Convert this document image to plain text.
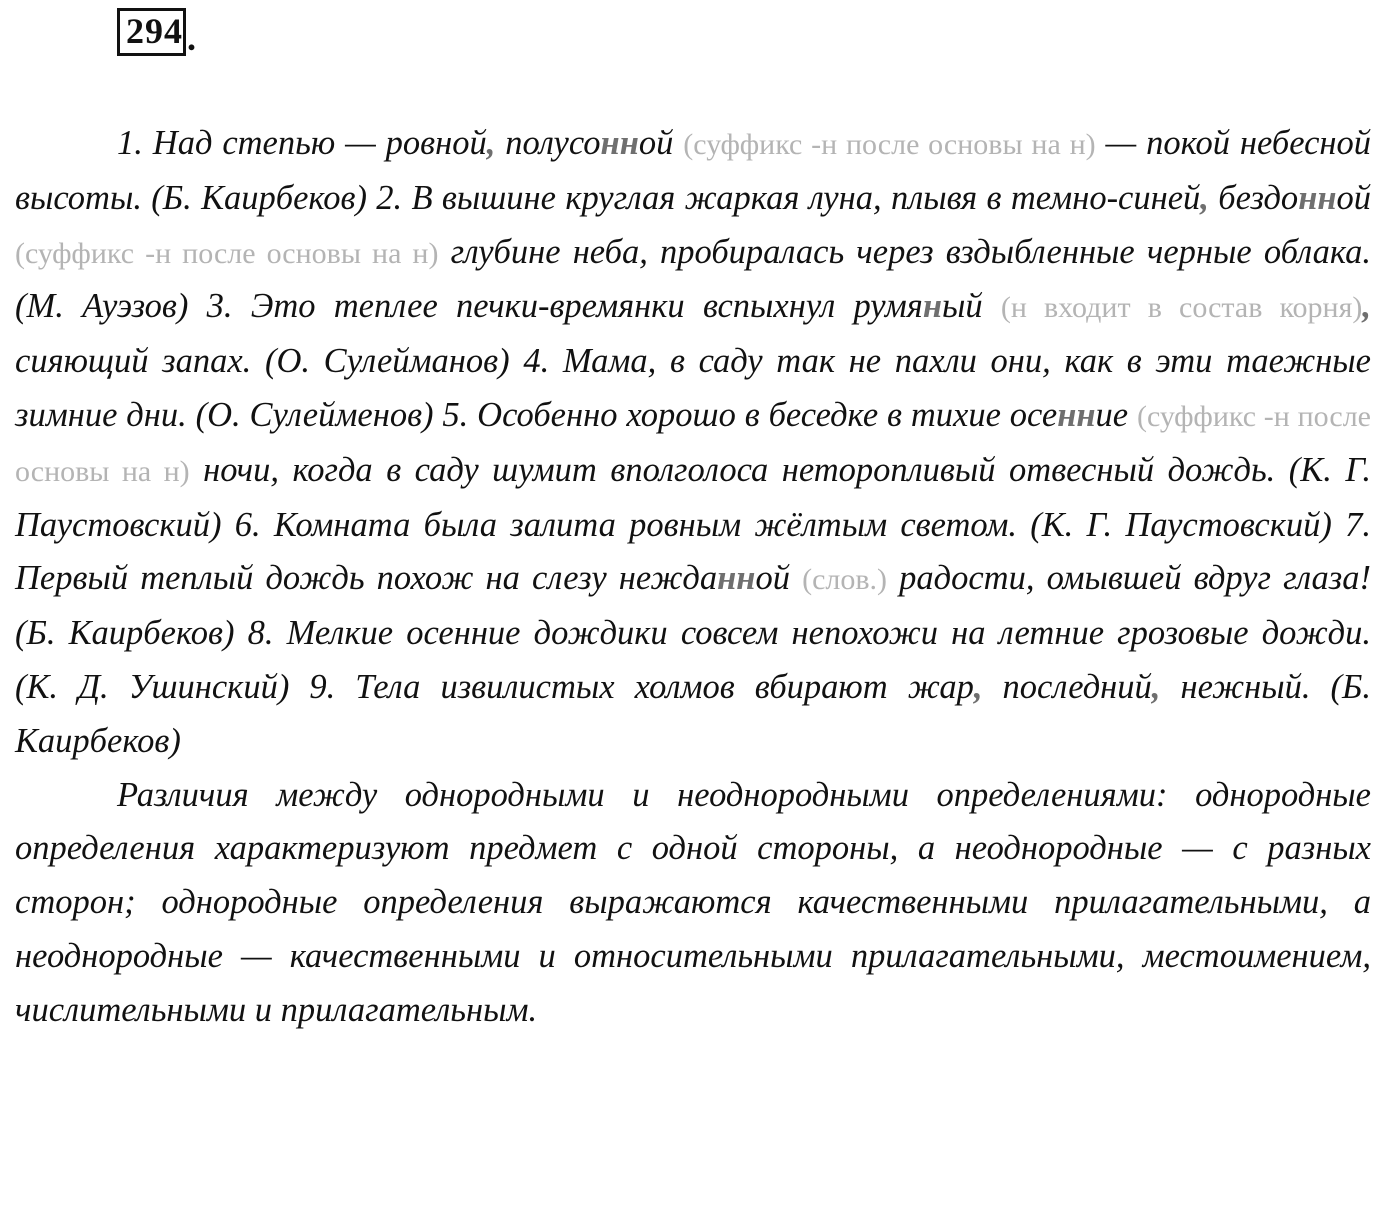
294 .

1. Над степью — ровной, полусонной (суффикс -н после основы на н) — покой небесной высоты. (Б. Каирбеков) 2. В вышине круглая жаркая луна, плывя в темно-синей, бездонной (суффикс -н после основы на н) глубине неба, пробиралась через вздыбленные черные облака. (М. Ауэзов) 3. Это теплее печки-времянки вспыхнул румяный (н входит в состав корня), сияющий запах. (О. Сулейманов) 4. Мама, в саду так не пахли они, как в эти таежные зимние дни. (О. Сулейменов) 5. Особенно хорошо в беседке в тихие осенние (суффикс -н после основы на н) ночи, когда в саду шумит вполголоса неторопливый отвесный дождь. (К. Г. Паустовский) 6. Комната была залита ровным жёлтым светом. (К. Г. Паустовский) 7. Первый теплый дождь похож на слезу неждaнной (слов.) радости, омывшей вдруг глаза! (Б. Каирбеков) 8. Мелкие осенние дождики совсем непохожи на летние грозовые дожди. (К. Д. Ушинский) 9. Тела извилистых холмов вбирают жар, последний, нежный. (Б. Каирбеков)

Различия между однородными и неоднородными определениями: однородные определения характеризуют предмет с одной стороны, а неоднородные — с разных сторон; однородные определения выражаются качественными прилагательными, а неоднородные — качественными и относительными прилагательными, местоимением, числительными и прилагательным.
